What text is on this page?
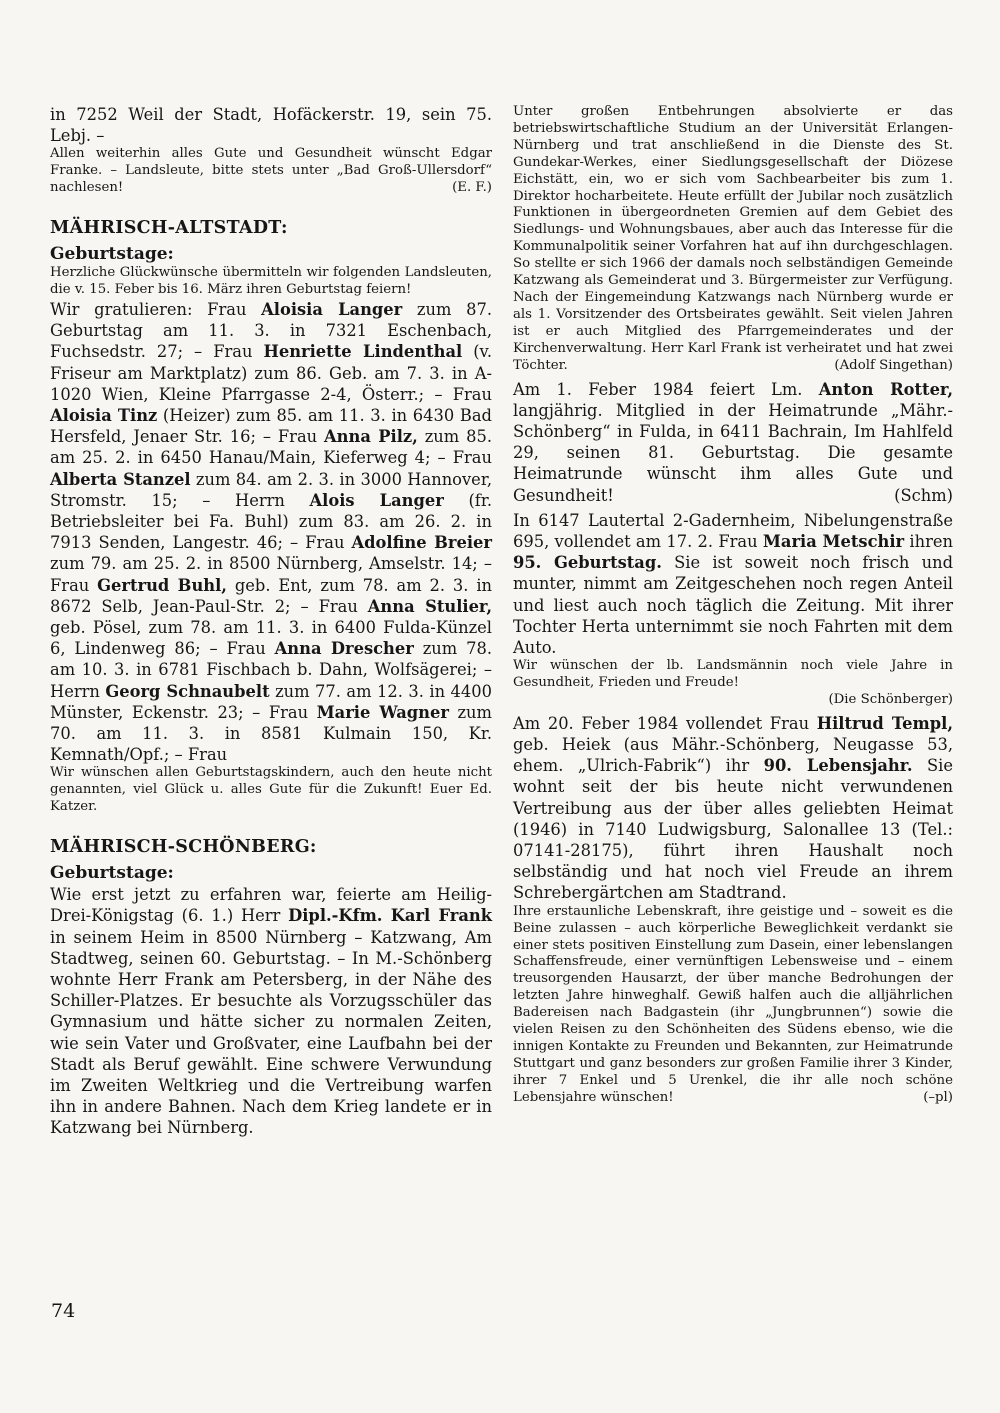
in 7252 Weil der Stadt, Hofäckerstr. 19, sein 75. Lebj. –

Allen weiterhin alles Gute und Gesundheit wünscht Edgar Franke. – Landsleute, bitte stets unter „Bad Groß-Ullersdorf“ nachlesen!	(E. F.)

MÄHRISCH-ALTSTADT:
Geburtstage:

Herzliche Glückwünsche übermitteln wir folgenden Landsleuten, die v. 15. Feber bis 16. März ihren Geburtstag feiern!

Wir gratulieren: Frau Aloisia Langer zum 87. Geburtstag am 11. 3. in 7321 Eschenbach, Fuchsedstr. 27; – Frau Henriette Lindenthal (v. Friseur am Marktplatz) zum 86. Geb. am 7. 3. in A-1020 Wien, Kleine Pfarrgasse 2-4, Österr.; – Frau Aloisia Tinz (Heizer) zum 85. am 11. 3. in 6430 Bad Hersfeld, Jenaer Str. 16; – Frau Anna Pilz, zum 85. am 25. 2. in 6450 Hanau/Main, Kieferweg 4; – Frau Alberta Stanzel zum 84. am 2. 3. in 3000 Hannover, Stromstr. 15; – Herrn Alois Langer (fr. Betriebsleiter bei Fa. Buhl) zum 83. am 26. 2. in 7913 Senden, Langestr. 46; – Frau Adolfine Breier zum 79. am 25. 2. in 8500 Nürnberg, Amselstr. 14; – Frau Gertrud Buhl, geb. Ent, zum 78. am 2. 3. in 8672 Selb, Jean-Paul-Str. 2; – Frau Anna Stulier, geb. Pösel, zum 78. am 11. 3. in 6400 Fulda-Künzel 6, Lindenweg 86; – Frau Anna Drescher zum 78. am 10. 3. in 6781 Fischbach b. Dahn, Wolfsägerei; – Herrn Georg Schnaubelt zum 77. am 12. 3. in 4400 Münster, Eckenstr. 23; – Frau Marie Wagner zum 70. am 11. 3. in 8581 Kulmain 150, Kr. Kemnath/Opf.; – Frau

Wir wünschen allen Geburtstagskindern, auch den heute nicht genannten, viel Glück u. alles Gute für die Zukunft! Euer Ed. Katzer.

MÄHRISCH-SCHÖNBERG:
Geburtstage:

Wie erst jetzt zu erfahren war, feierte am Heilig-Drei-Königstag (6. 1.) Herr Dipl.-Kfm. Karl Frank in seinem Heim in 8500 Nürnberg – Katzwang, Am Stadtweg, seinen 60. Geburtstag. – In M.-Schönberg wohnte Herr Frank am Petersberg, in der Nähe des Schiller-Platzes. Er besuchte als Vorzugsschüler das Gymnasium und hätte sicher zu normalen Zeiten, wie sein Vater und Großvater, eine Laufbahn bei der Stadt als Beruf gewählt. Eine schwere Verwundung im Zweiten Weltkrieg und die Vertreibung warfen ihn in andere Bahnen. Nach dem Krieg landete er in Katzwang bei Nürnberg.

Unter großen Entbehrungen absolvierte er das betriebswirtschaftliche Studium an der Universität Erlangen-Nürnberg und trat anschließend in die Dienste des St. Gundekar-Werkes, einer Siedlungsgesellschaft der Diözese Eichstätt, ein, wo er sich vom Sachbearbeiter bis zum 1. Direktor hocharbeitete. Heute erfüllt der Jubilar noch zusätzlich Funktionen in übergeordneten Gremien auf dem Gebiet des Siedlungs- und Wohnungsbaues, aber auch das Interesse für die Kommunalpolitik seiner Vorfahren hat auf ihn durchgeschlagen. So stellte er sich 1966 der damals noch selbständigen Gemeinde Katzwang als Gemeinderat und 3. Bürgermeister zur Verfügung. Nach der Eingemeindung Katzwangs nach Nürnberg wurde er als 1. Vorsitzender des Ortsbeirates gewählt. Seit vielen Jahren ist er auch Mitglied des Pfarrgemeinderates und der Kirchenverwaltung. Herr Karl Frank ist verheiratet und hat zwei Töchter.	(Adolf Singethan)

Am 1. Feber 1984 feiert Lm. Anton Rotter, langjährig. Mitglied in der Heimatrunde „Mähr.-Schönberg“ in Fulda, in 6411 Bachrain, Im Hahlfeld 29, seinen 81. Geburtstag. Die gesamte Heimatrunde wünscht ihm alles Gute und Gesundheit!	(Schm)

In 6147 Lautertal 2-Gadernheim, Nibelungenstraße 695, vollendet am 17. 2. Frau Maria Metschir ihren 95. Geburtstag. Sie ist soweit noch frisch und munter, nimmt am Zeitgeschehen noch regen Anteil und liest auch noch täglich die Zeitung. Mit ihrer Tochter Herta unternimmt sie noch Fahrten mit dem Auto.

Wir wünschen der lb. Landsmännin noch viele Jahre in Gesundheit, Frieden und Freude!

(Die Schönberger)

Am 20. Feber 1984 vollendet Frau Hiltrud Templ, geb. Heiek (aus Mähr.-Schönberg, Neugasse 53, ehem. „Ulrich-Fabrik“) ihr 90. Lebensjahr. Sie wohnt seit der bis heute nicht verwundenen Vertreibung aus der über alles geliebten Heimat (1946) in 7140 Ludwigsburg, Salonallee 13 (Tel.: 07141-28175), führt ihren Haushalt noch selbständig und hat noch viel Freude an ihrem Schrebergärtchen am Stadtrand.

Ihre erstaunliche Lebenskraft, ihre geistige und – soweit es die Beine zulassen – auch körperliche Beweglichkeit verdankt sie einer stets positiven Einstellung zum Dasein, einer lebenslangen Schaffensfreude, einer vernünftigen Lebensweise und – einem treusorgenden Hausarzt, der über manche Bedrohungen der letzten Jahre hinweghalf. Gewiß halfen auch die alljährlichen Badereisen nach Badgastein (ihr „Jungbrunnen“) sowie die vielen Reisen zu den Schönheiten des Südens ebenso, wie die innigen Kontakte zu Freunden und Bekannten, zur Heimatrunde Stuttgart und ganz besonders zur großen Familie ihrer 3 Kinder, ihrer 7 Enkel und 5 Urenkel, die ihr alle noch schöne Lebensjahre wünschen!	(–pl)

74
